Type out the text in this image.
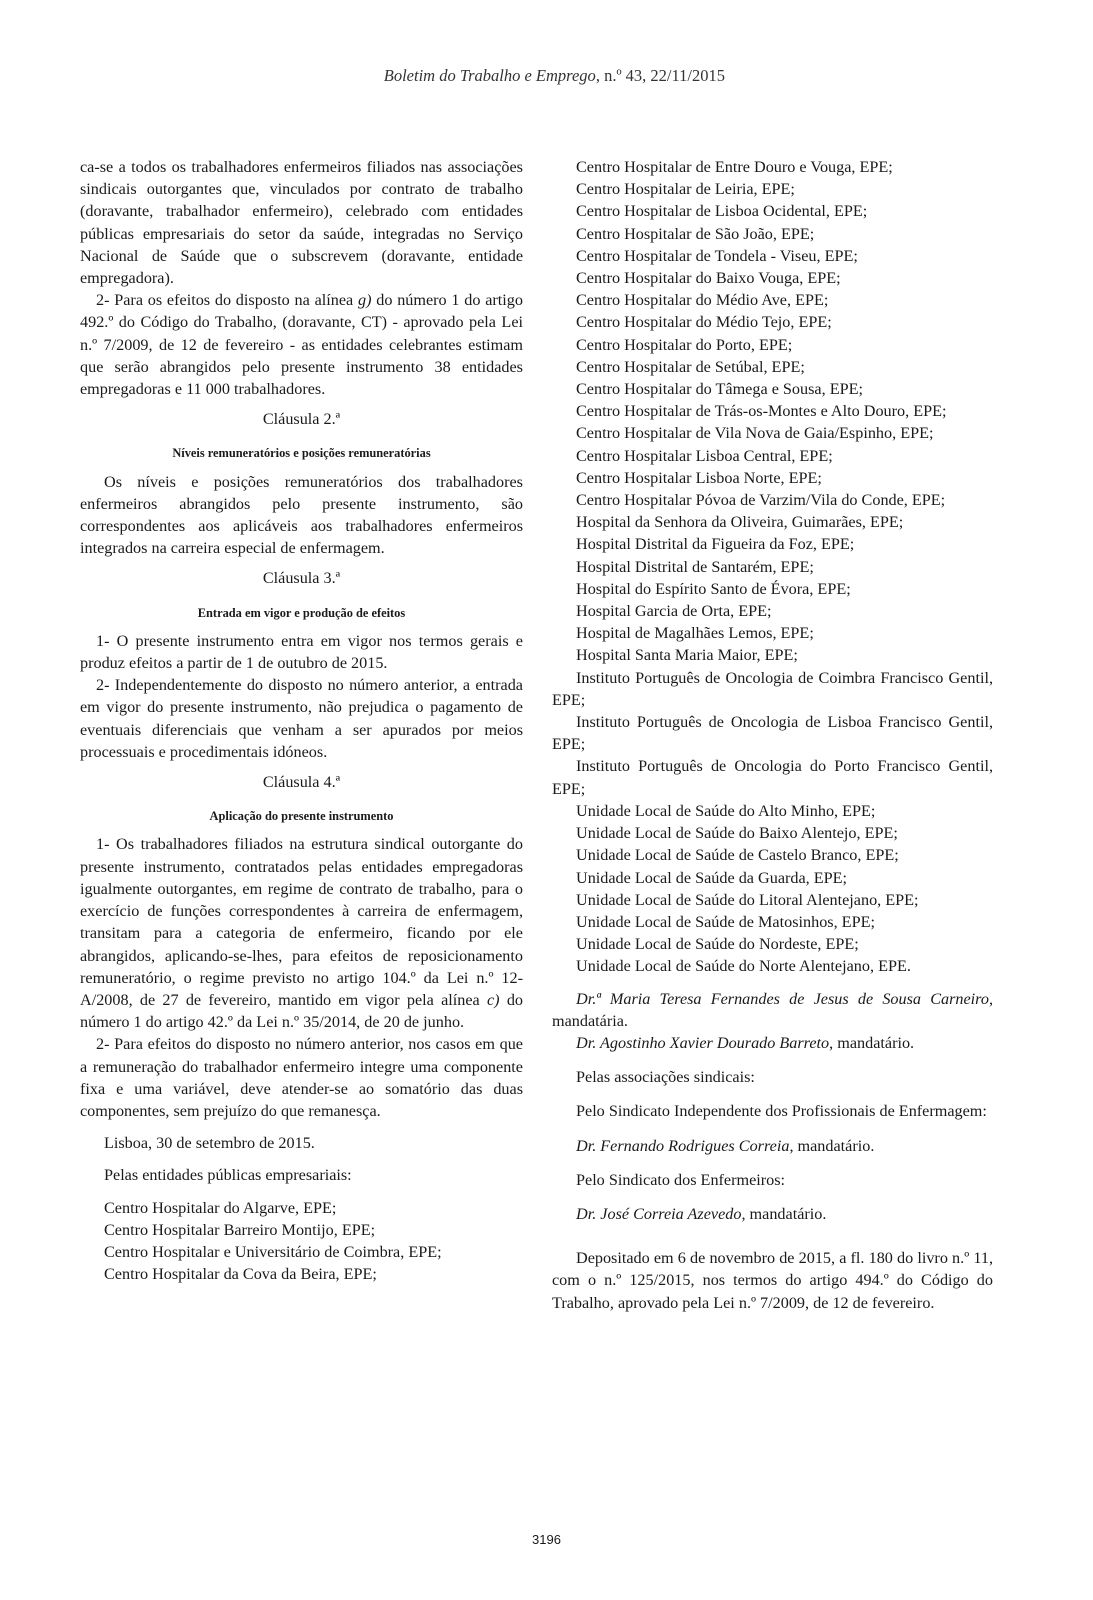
Boletim do Trabalho e Emprego, n.º 43, 22/11/2015

ca-se a todos os trabalhadores enfermeiros filiados nas associações sindicais outorgantes que, vinculados por contrato de trabalho (doravante, trabalhador enfermeiro), celebrado com entidades públicas empresariais do setor da saúde, integradas no Serviço Nacional de Saúde que o subscrevem (doravante, entidade empregadora).

2- Para os efeitos do disposto na alínea g) do número 1 do artigo 492.º do Código do Trabalho, (doravante, CT) - aprovado pela Lei n.º 7/2009, de 12 de fevereiro - as entidades celebrantes estimam que serão abrangidos pelo presente instrumento 38 entidades empregadoras e 11 000 trabalhadores.

Cláusula 2.ª

Níveis remuneratórios e posições remuneratórias

Os níveis e posições remuneratórios dos trabalhadores enfermeiros abrangidos pelo presente instrumento, são correspondentes aos aplicáveis aos trabalhadores enfermeiros integrados na carreira especial de enfermagem.

Cláusula 3.ª

Entrada em vigor e produção de efeitos

1- O presente instrumento entra em vigor nos termos gerais e produz efeitos a partir de 1 de outubro de 2015.

2- Independentemente do disposto no número anterior, a entrada em vigor do presente instrumento, não prejudica o pagamento de eventuais diferenciais que venham a ser apurados por meios processuais e procedimentais idóneos.

Cláusula 4.ª

Aplicação do presente instrumento

1- Os trabalhadores filiados na estrutura sindical outorgante do presente instrumento, contratados pelas entidades empregadoras igualmente outorgantes, em regime de contrato de trabalho, para o exercício de funções correspondentes à carreira de enfermagem, transitam para a categoria de enfermeiro, ficando por ele abrangidos, aplicando-se-lhes, para efeitos de reposicionamento remuneratório, o regime previsto no artigo 104.º da Lei n.º 12-A/2008, de 27 de fevereiro, mantido em vigor pela alínea c) do número 1 do artigo 42.º da Lei n.º 35/2014, de 20 de junho.

2- Para efeitos do disposto no número anterior, nos casos em que a remuneração do trabalhador enfermeiro integre uma componente fixa e uma variável, deve atender-se ao somatório das duas componentes, sem prejuízo do que remanesça.

Lisboa, 30 de setembro de 2015.

Pelas entidades públicas empresariais:

Centro Hospitalar do Algarve, EPE;

Centro Hospitalar Barreiro Montijo, EPE;

Centro Hospitalar e Universitário de Coimbra, EPE;

Centro Hospitalar da Cova da Beira, EPE;

Centro Hospitalar de Entre Douro e Vouga, EPE;

Centro Hospitalar de Leiria, EPE;

Centro Hospitalar de Lisboa Ocidental, EPE;

Centro Hospitalar de São João, EPE;

Centro Hospitalar de Tondela - Viseu, EPE;

Centro Hospitalar do Baixo Vouga, EPE;

Centro Hospitalar do Médio Ave, EPE;

Centro Hospitalar do Médio Tejo, EPE;

Centro Hospitalar do Porto, EPE;

Centro Hospitalar de Setúbal, EPE;

Centro Hospitalar do Tâmega e Sousa, EPE;

Centro Hospitalar de Trás-os-Montes e Alto Douro, EPE;

Centro Hospitalar de Vila Nova de Gaia/Espinho, EPE;

Centro Hospitalar Lisboa Central, EPE;

Centro Hospitalar Lisboa Norte, EPE;

Centro Hospitalar Póvoa de Varzim/Vila do Conde, EPE;

Hospital da Senhora da Oliveira, Guimarães, EPE;

Hospital Distrital da Figueira da Foz, EPE;

Hospital Distrital de Santarém, EPE;

Hospital do Espírito Santo de Évora, EPE;

Hospital Garcia de Orta, EPE;

Hospital de Magalhães Lemos, EPE;

Hospital Santa Maria Maior, EPE;

Instituto Português de Oncologia de Coimbra Francisco Gentil, EPE;

Instituto Português de Oncologia de Lisboa Francisco Gentil, EPE;

Instituto Português de Oncologia do Porto Francisco Gentil, EPE;

Unidade Local de Saúde do Alto Minho, EPE;

Unidade Local de Saúde do Baixo Alentejo, EPE;

Unidade Local de Saúde de Castelo Branco, EPE;

Unidade Local de Saúde da Guarda, EPE;

Unidade Local de Saúde do Litoral Alentejano, EPE;

Unidade Local de Saúde de Matosinhos, EPE;

Unidade Local de Saúde do Nordeste, EPE;

Unidade Local de Saúde do Norte Alentejano, EPE.

Dr.ª Maria Teresa Fernandes de Jesus de Sousa Carneiro, mandatária.

Dr. Agostinho Xavier Dourado Barreto, mandatário.

Pelas associações sindicais:

Pelo Sindicato Independente dos Profissionais de Enfermagem:

Dr. Fernando Rodrigues Correia, mandatário.

Pelo Sindicato dos Enfermeiros:

Dr. José Correia Azevedo, mandatário.

Depositado em 6 de novembro de 2015, a fl. 180 do livro n.º 11, com o n.º 125/2015, nos termos do artigo 494.º do Código do Trabalho, aprovado pela Lei n.º 7/2009, de 12 de fevereiro.

3196
